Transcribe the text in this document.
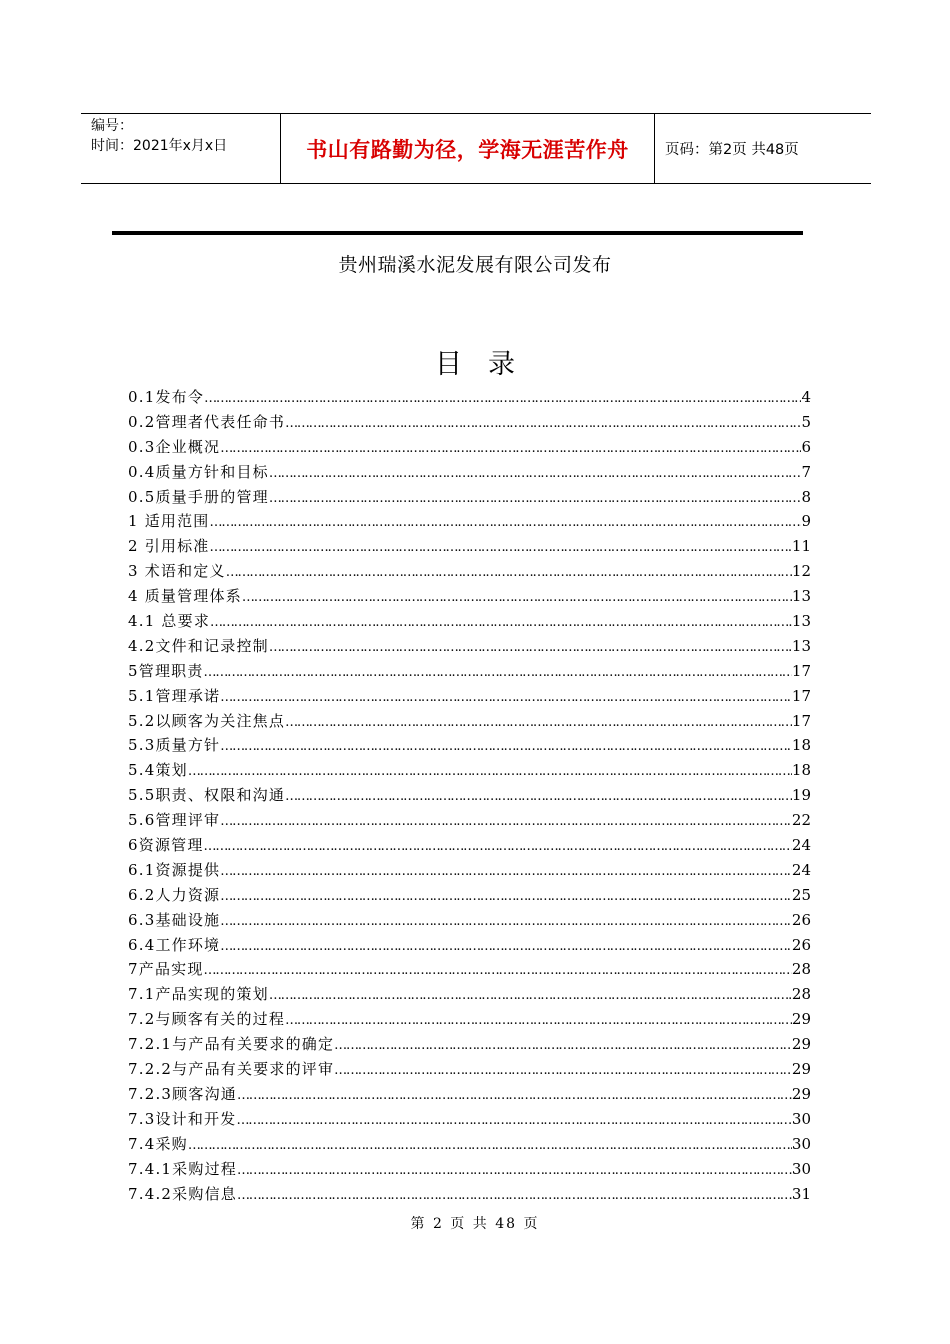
编号：
时间：2021年x月x日	书山有路勤为径，学海无涯苦作舟	页码：第2页 共48页
贵州瑞溪水泥发展有限公司发布
目录
0.1发布令 …………………………………………………………………………………………………………………………………………	4
0.2管理者代表任命书 …………………………………………………………………………………………………………………………………………	5
0.3企业概况 …………………………………………………………………………………………………………………………………………	6
0.4质量方针和目标 …………………………………………………………………………………………………………………………………………	7
0.5质量手册的管理 …………………………………………………………………………………………………………………………………………	8
1 适用范围 …………………………………………………………………………………………………………………………………………	9
2 引用标准 …………………………………………………………………………………………………………………………………………	11
3 术语和定义 …………………………………………………………………………………………………………………………………………	12
4 质量管理体系 …………………………………………………………………………………………………………………………………………	13
4.1 总要求 …………………………………………………………………………………………………………………………………………	13
4.2文件和记录控制 …………………………………………………………………………………………………………………………………………	13
5管理职责 …………………………………………………………………………………………………………………………………………	17
5.1管理承诺 …………………………………………………………………………………………………………………………………………	17
5.2以顾客为关注焦点 …………………………………………………………………………………………………………………………………………	17
5.3质量方针 …………………………………………………………………………………………………………………………………………	18
5.4策划 …………………………………………………………………………………………………………………………………………	18
5.5职责、权限和沟通 …………………………………………………………………………………………………………………………………………	19
5.6管理评审 …………………………………………………………………………………………………………………………………………	22
6资源管理 …………………………………………………………………………………………………………………………………………	24
6.1资源提供 …………………………………………………………………………………………………………………………………………	24
6.2人力资源 …………………………………………………………………………………………………………………………………………	25
6.3基础设施 …………………………………………………………………………………………………………………………………………	26
6.4工作环境 …………………………………………………………………………………………………………………………………………	26
7产品实现 …………………………………………………………………………………………………………………………………………	28
7.1产品实现的策划 …………………………………………………………………………………………………………………………………………	28
7.2与顾客有关的过程 …………………………………………………………………………………………………………………………………………	29
7.2.1与产品有关要求的确定 …………………………………………………………………………………………………………………………………………	29
7.2.2与产品有关要求的评审 …………………………………………………………………………………………………………………………………………	29
7.2.3顾客沟通 …………………………………………………………………………………………………………………………………………	29
7.3设计和开发 …………………………………………………………………………………………………………………………………………	30
7.4采购 …………………………………………………………………………………………………………………………………………	30
7.4.1采购过程 …………………………………………………………………………………………………………………………………………	30
7.4.2采购信息 …………………………………………………………………………………………………………………………………………	31
第 2 页 共 48 页
